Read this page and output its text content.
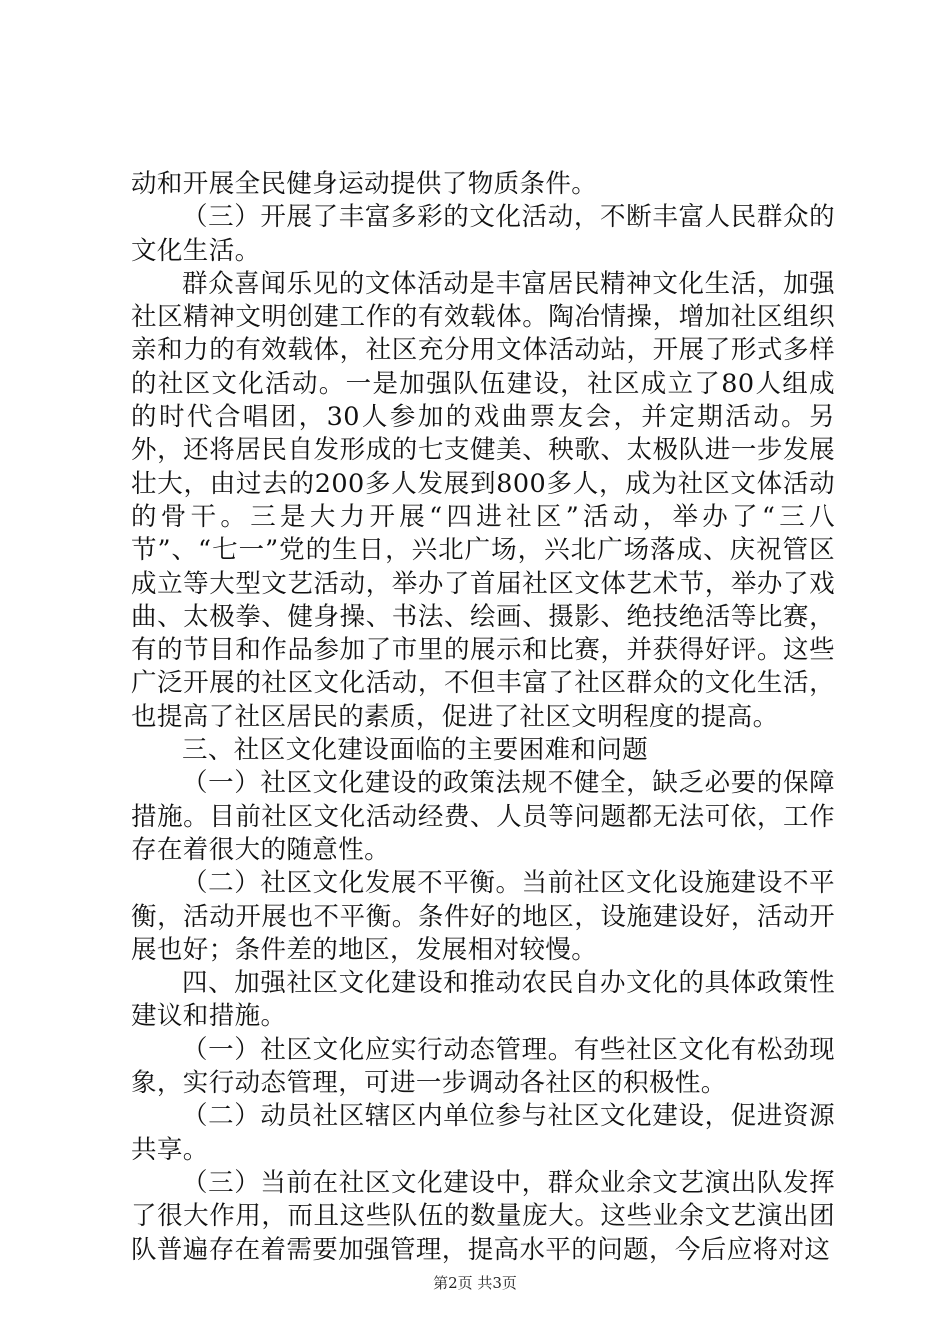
动和开展全民健身运动提供了物质条件。

（三）开展了丰富多彩的文化活动，不断丰富人民群众的文化生活。

群众喜闻乐见的文体活动是丰富居民精神文化生活，加强社区精神文明创建工作的有效载体。陶冶情操，增加社区组织亲和力的有效载体，社区充分用文体活动站，开展了形式多样的社区文化活动。一是加强队伍建设，社区成立了80人组成的时代合唱团，30人参加的戏曲票友会，并定期活动。另外，还将居民自发形成的七支健美、秧歌、太极队进一步发展壮大，由过去的200多人发展到800多人，成为社区文体活动的骨干。三是大力开展“四进社区”活动，举办了“三八节”、“七一”党的生日，兴北广场，兴北广场落成、庆祝管区成立等大型文艺活动，举办了首届社区文体艺术节，举办了戏曲、太极拳、健身操、书法、绘画、摄影、绝技绝活等比赛，有的节目和作品参加了市里的展示和比赛，并获得好评。这些广泛开展的社区文化活动，不但丰富了社区群众的文化生活，也提高了社区居民的素质，促进了社区文明程度的提高。

三、社区文化建设面临的主要困难和问题

（一）社区文化建设的政策法规不健全，缺乏必要的保障措施。目前社区文化活动经费、人员等问题都无法可依，工作存在着很大的随意性。

（二）社区文化发展不平衡。当前社区文化设施建设不平衡，活动开展也不平衡。条件好的地区，设施建设好，活动开展也好；条件差的地区，发展相对较慢。

四、加强社区文化建设和推动农民自办文化的具体政策性建议和措施。

（一）社区文化应实行动态管理。有些社区文化有松劲现象，实行动态管理，可进一步调动各社区的积极性。

（二）动员社区辖区内单位参与社区文化建设，促进资源共享。

（三）当前在社区文化建设中，群众业余文艺演出队发挥了很大作用，而且这些队伍的数量庞大。这些业余文艺演出团队普遍存在着需要加强管理，提高水平的问题，今后应将对这

第2页 共3页
